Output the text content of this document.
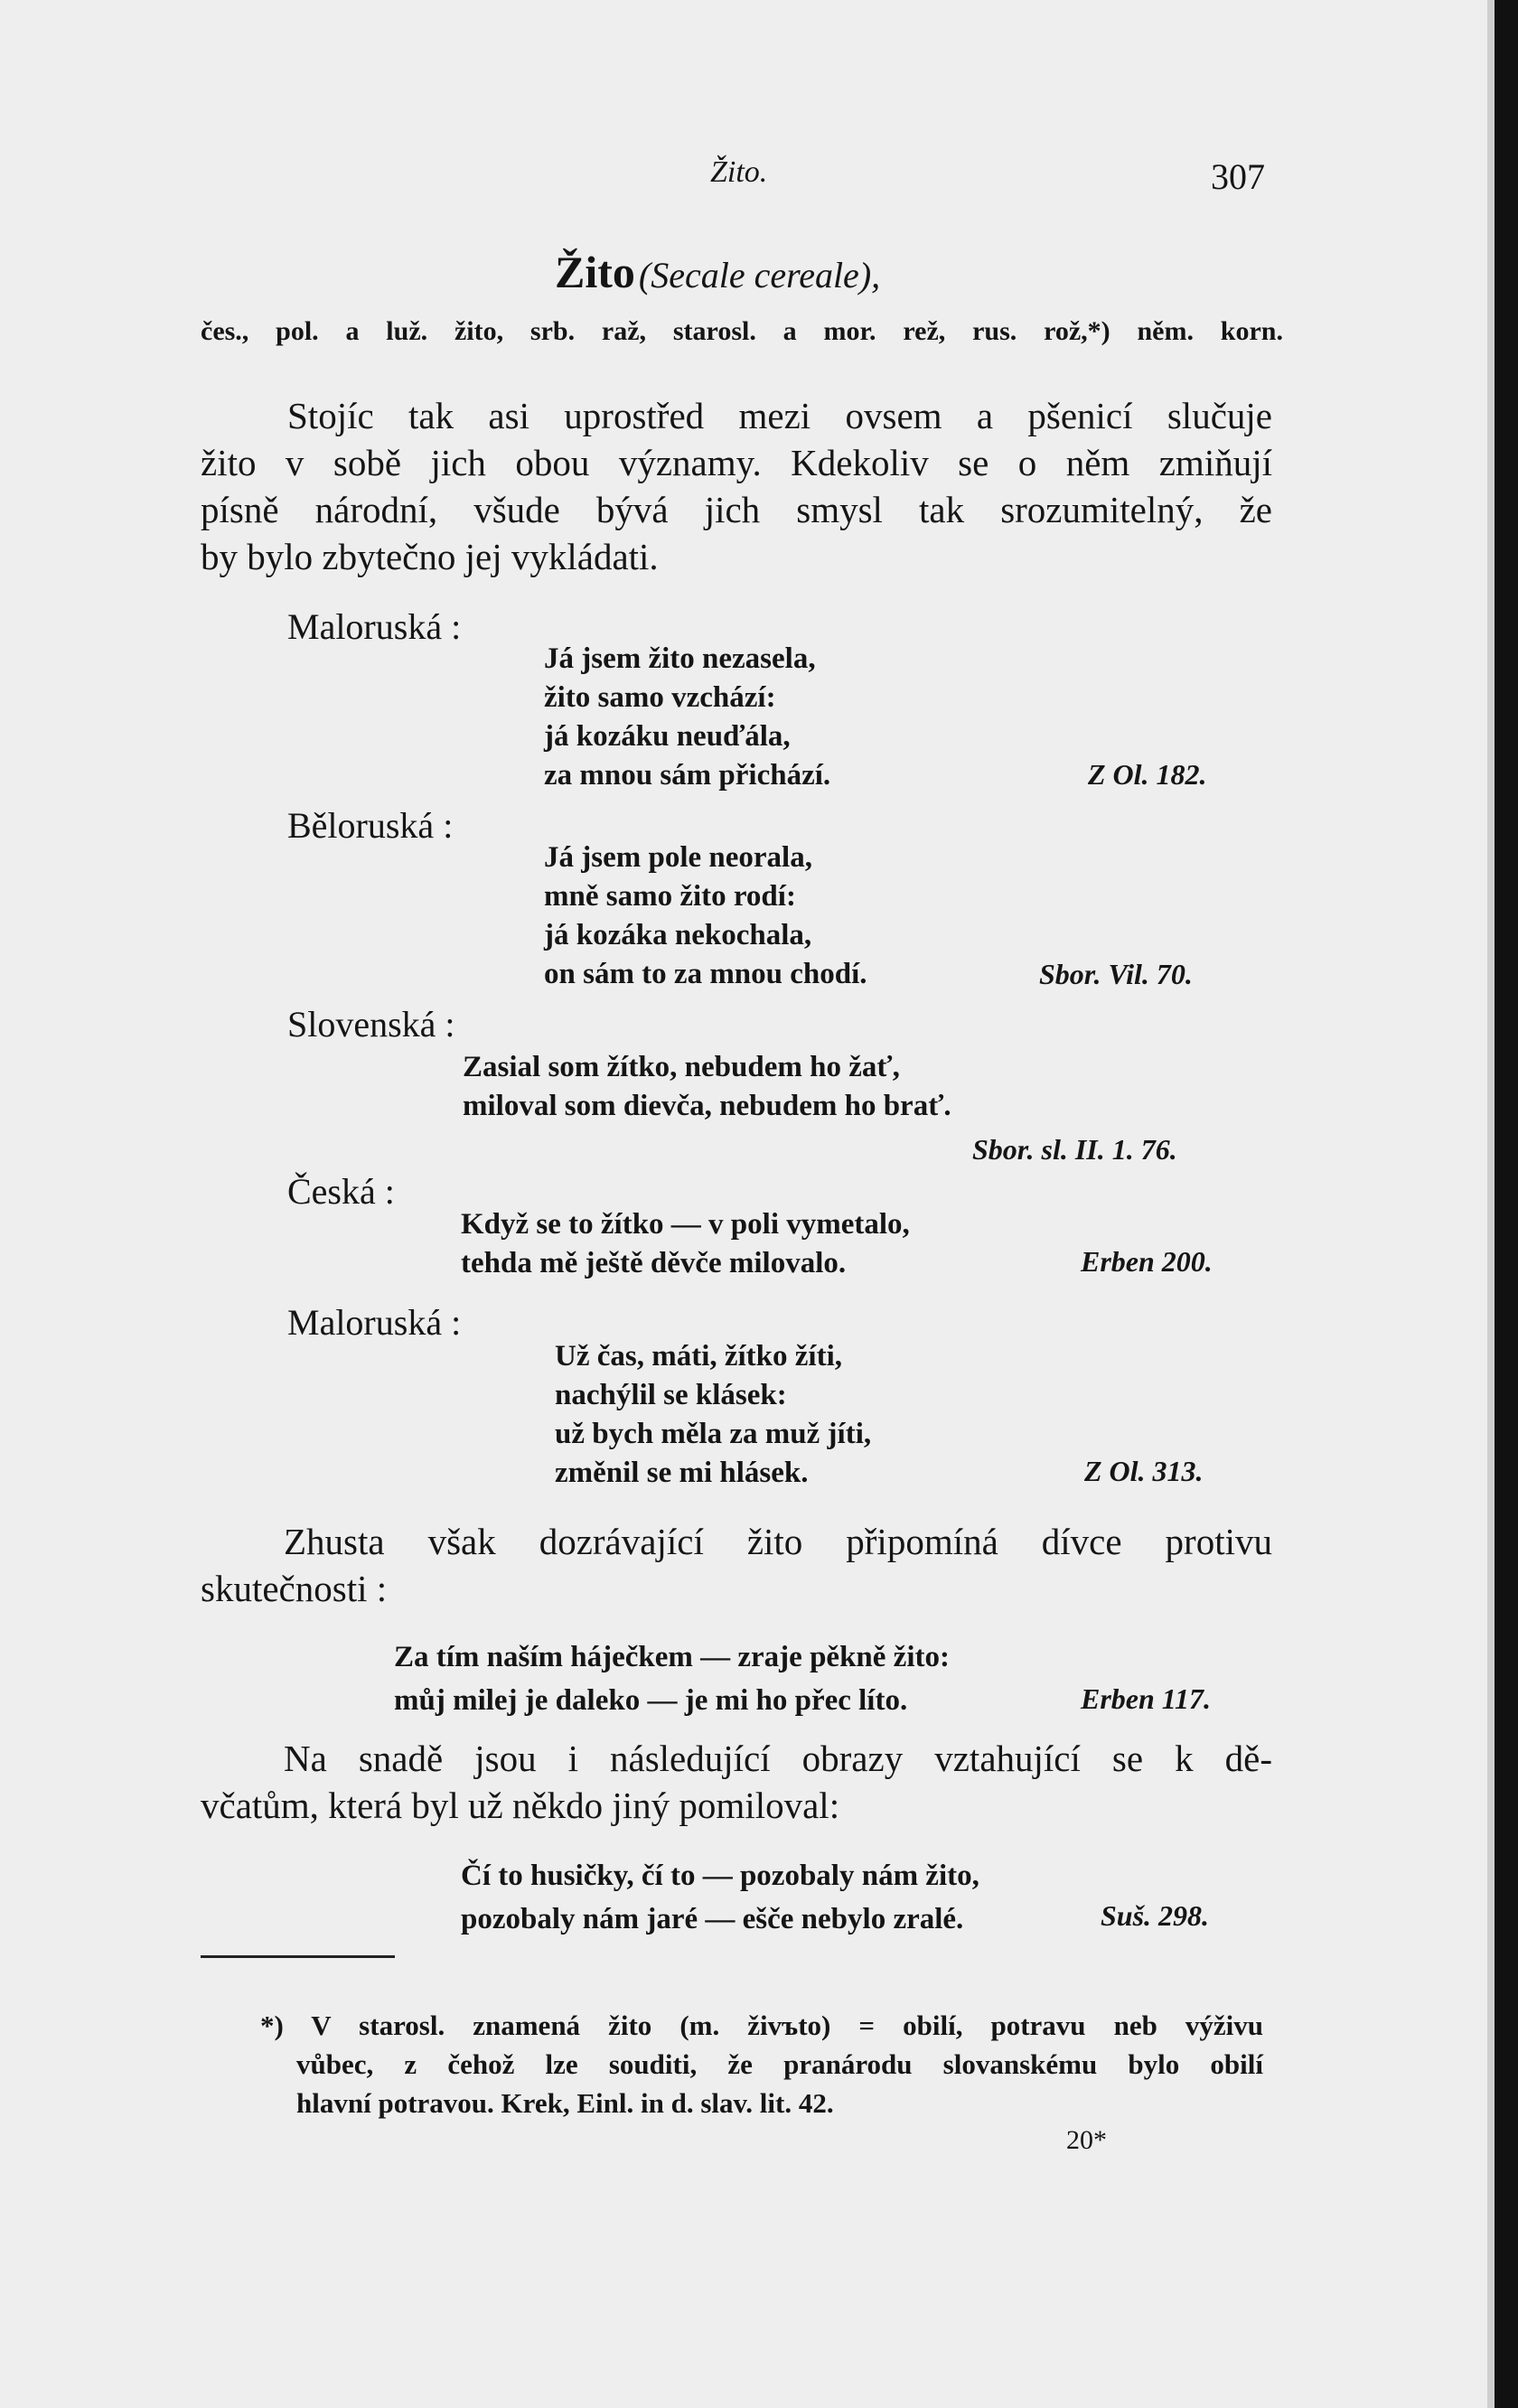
Žito.	307
Žito (Secale cereale),
čes., pol. a luž. žito, srb. raž, starosl. a mor. rež, rus. rož,*) něm. korn.
Stojíc tak asi uprostřed mezi ovsem a pšenicí slučuje
žito v sobě jich obou významy. Kdekoliv se o něm zmiňují
písně národní, všude bývá jich smysl tak srozumitelný, že
by bylo zbytečno jej vykládati.
Maloruská :
Já jsem žito nezasela,
žito samo vzchází:
já kozáku neuďála,
za mnou sám přichází.	Z Ol. 182.
Běloruská :
Já jsem pole neorala,
mně samo žito rodí:
já kozáka nekochala,
on sám to za mnou chodí.	Sbor. Vil. 70.
Slovenská :
Zasial som žítko, nebudem ho žať,
miloval som dievča, nebudem ho brať.
Sbor. sl. II. 1. 76.
Česká :
Když se to žítko — v poli vymetalo,
tehda mě ještě děvče milovalo.	Erben 200.
Maloruská :
Už čas, máti, žítko žíti,
nachýlil se klásek:
už bych měla za muž jíti,
změnil se mi hlásek.	Z Ol. 313.
Zhusta však dozrávající žito připomíná dívce protivu
skutečnosti :
Za tím naším háječkem — zraje pěkně žito:
můj milej je daleko — je mi ho přec líto.	Erben 117.
Na snadě jsou i následující obrazy vztahující se k dě-
včatům, která byl už někdo jiný pomiloval:
Čí to husičky, čí to — pozobaly nám žito,
pozobaly nám jaré — ešče nebylo zralé.	Suš. 298.
*) V starosl. znamená žito (m. živъto) = obilí, potravu neb výživu
vůbec, z čehož lze souditi, že pranárodu slovanskému bylo obilí
hlavní potravou. Krek, Einl. in d. slav. lit. 42.
20*
